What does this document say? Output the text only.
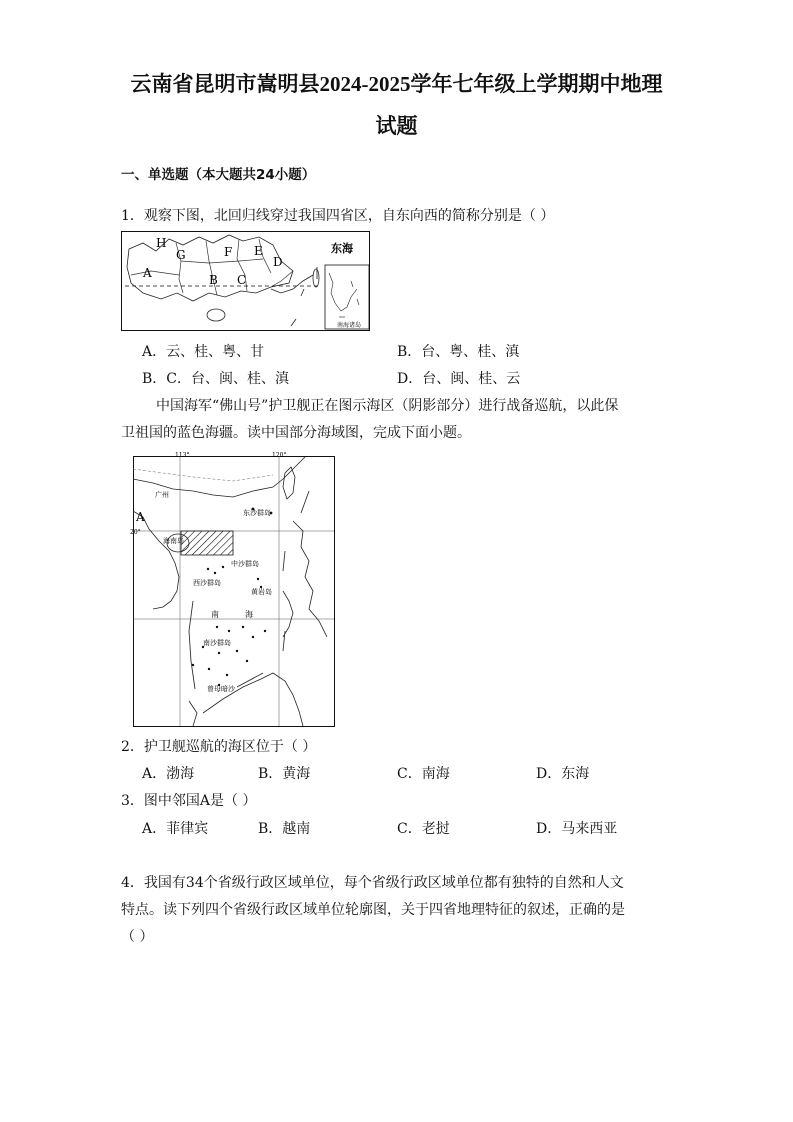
云南省昆明市嵩明县2024-2025学年七年级上学期期中地理
试题
一、单选题（本大题共24小题）
1．观察下图，北回归线穿过我国四省区，自东向西的简称分别是（ ）
H
G	F E
D
A	B C
东海
南海诸岛
A．云、桂、粤、甘	B．台、粤、桂、滇
B．C．台、闽、桂、滇	D．台、闽、桂、云
中国海军“佛山号”护卫舰正在图示海区（阴影部分）进行战备巡航，以此保
卫祖国的蓝色海疆。读中国部分海域图，完成下面小题。
113°	120°
20°
A
广州
东沙群岛
海南岛
西沙群岛
中沙群岛
黄岩岛
南	海
南沙群岛
曾母暗沙
2．护卫舰巡航的海区位于（ ）
A．渤海	B．黄海	C．南海	D．东海
3．图中邻国A是（ ）
A．菲律宾	B．越南	C．老挝	D．马来西亚
4．我国有34个省级行政区域单位，每个省级行政区域单位都有独特的自然和人文
特点。读下列四个省级行政区域单位轮廓图，关于四省地理特征的叙述，正确的是
（ ）
